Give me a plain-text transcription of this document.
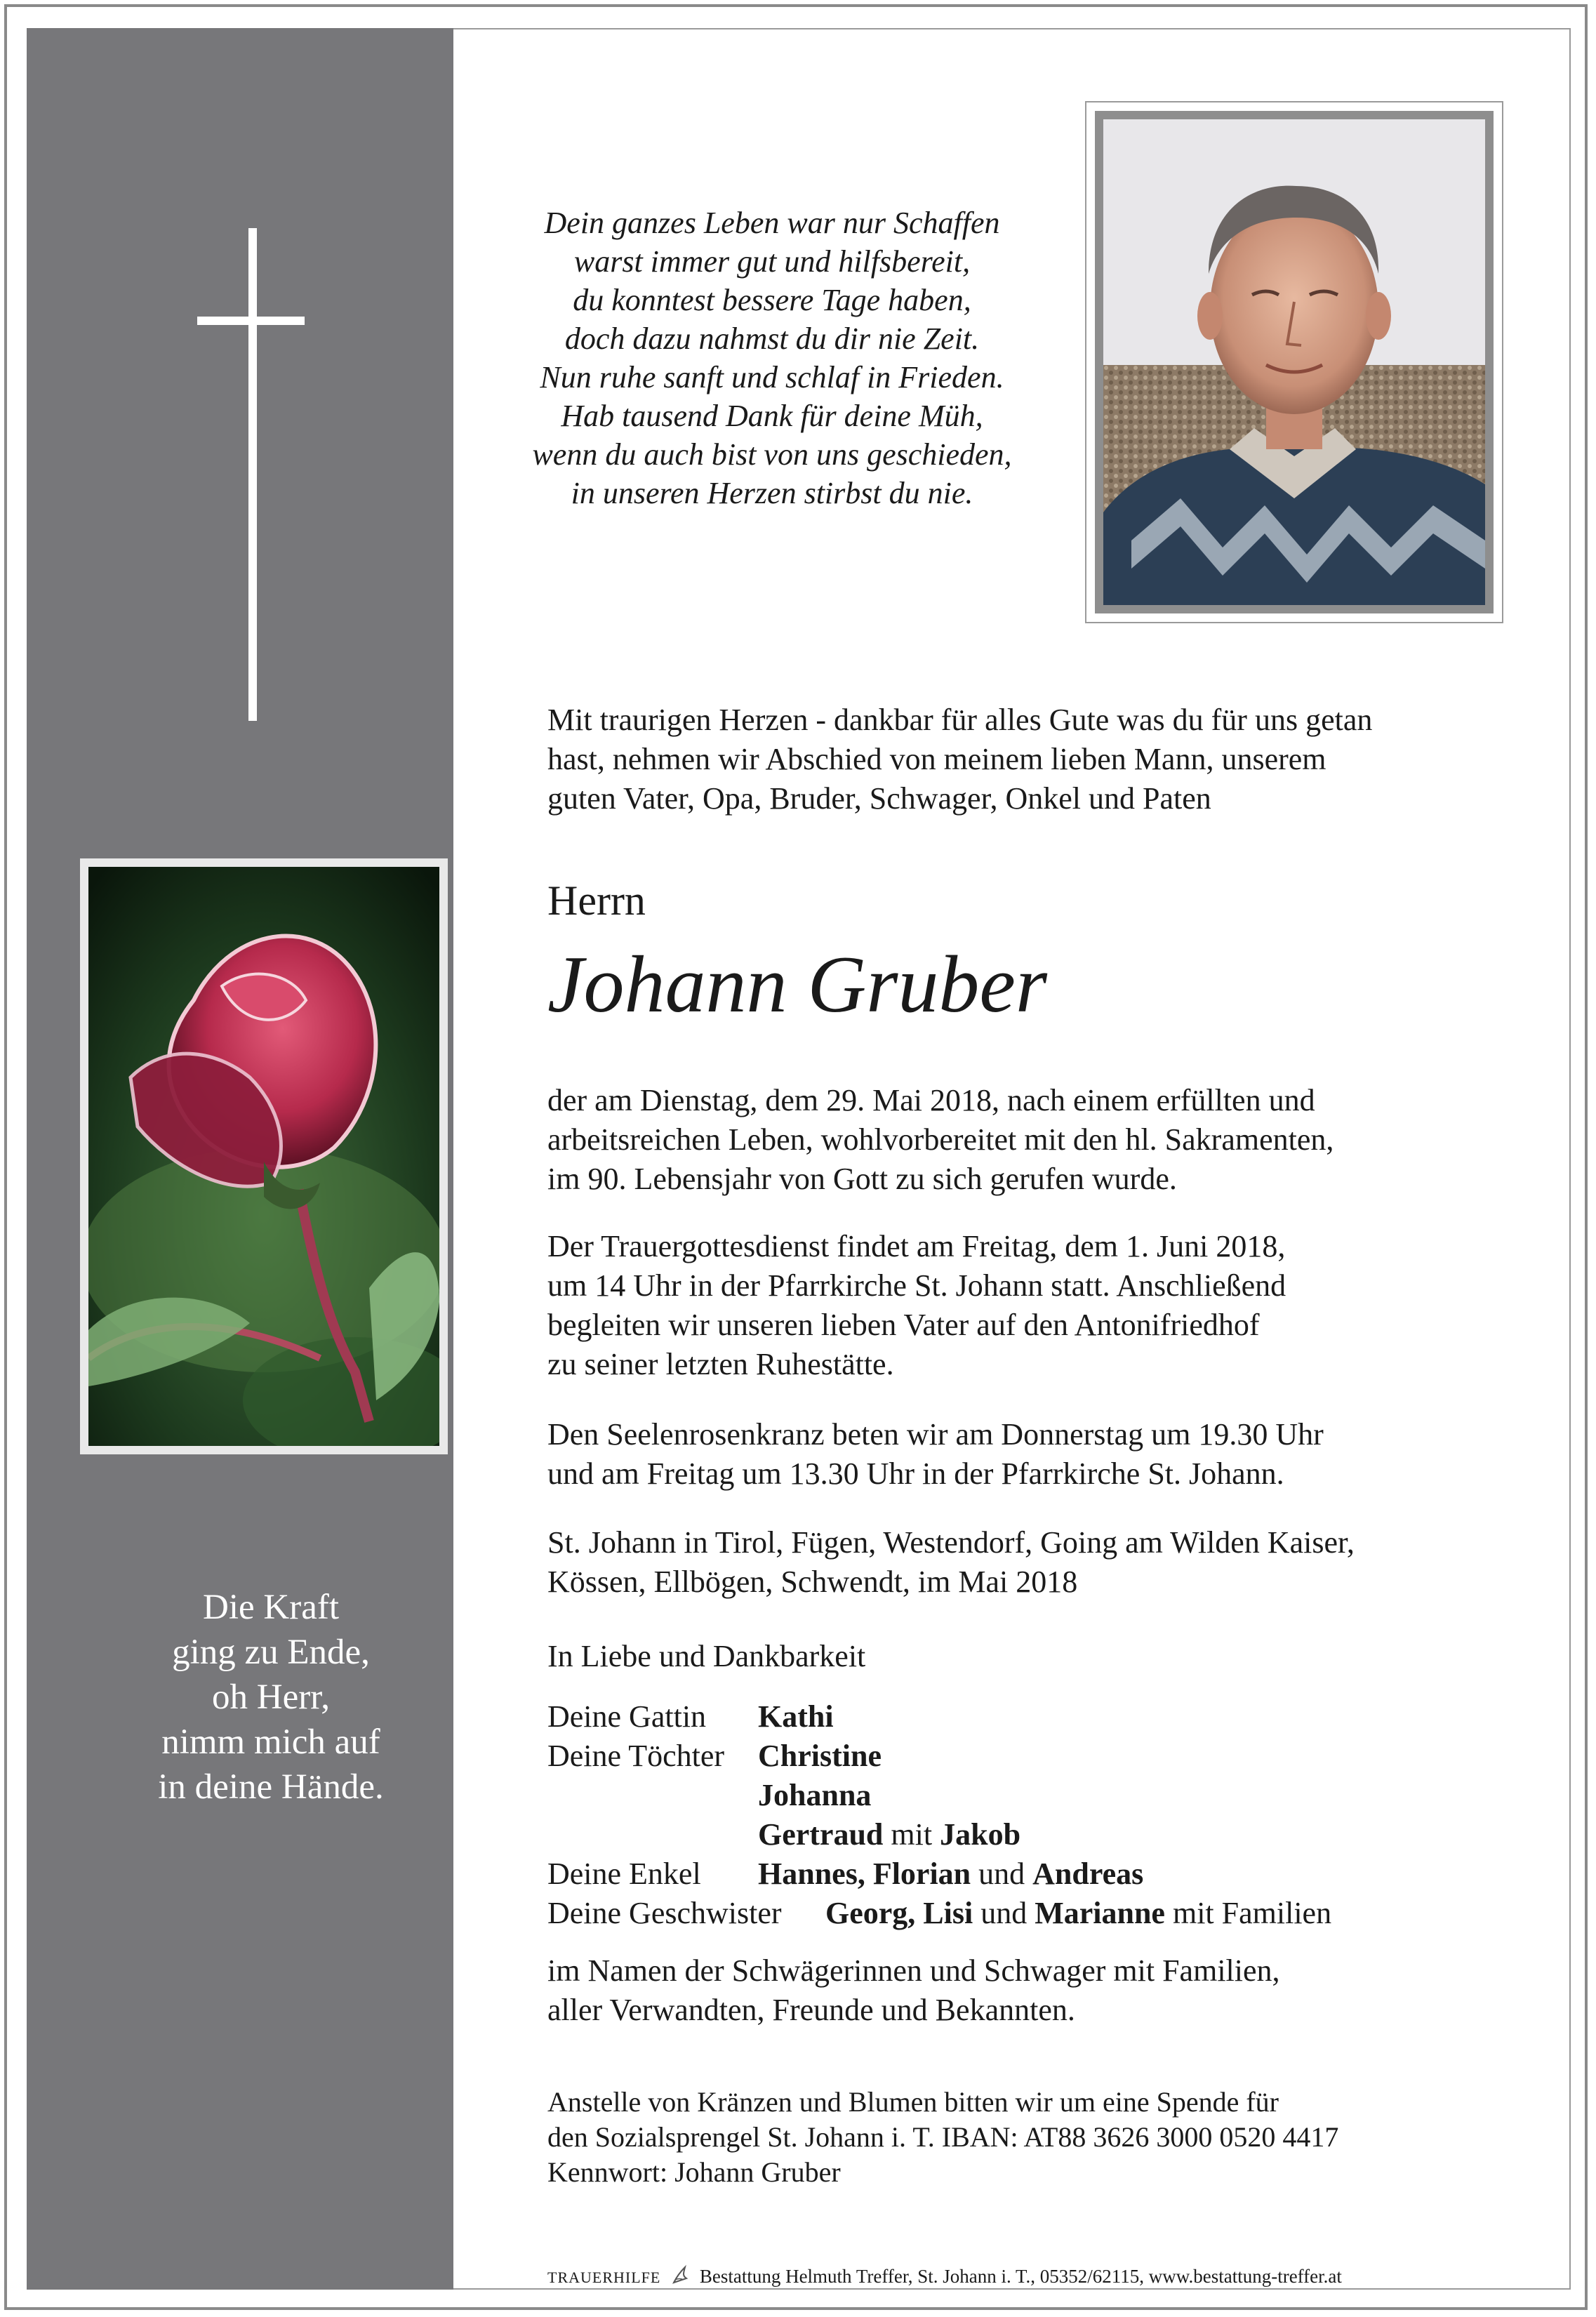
Die Kraft
ging zu Ende,
oh Herr,
nimm mich auf
in deine Hände.
Dein ganzes Leben war nur Schaffen
warst immer gut und hilfsbereit,
du konntest bessere Tage haben,
doch dazu nahmst du dir nie Zeit.
Nun ruhe sanft und schlaf in Frieden.
Hab tausend Dank für deine Müh,
wenn du auch bist von uns geschieden,
in unseren Herzen stirbst du nie.
Mit traurigen Herzen - dankbar für alles Gute was du für uns getan
hast, nehmen wir Abschied von meinem lieben Mann, unserem
guten Vater, Opa, Bruder, Schwager, Onkel und Paten
Herrn
Johann Gruber
der am Dienstag, dem 29. Mai 2018, nach einem erfüllten und
arbeitsreichen Leben, wohlvorbereitet mit den hl. Sakramenten,
im 90. Lebensjahr von Gott zu sich gerufen wurde.
Der Trauergottesdienst findet am Freitag, dem 1. Juni 2018,
um 14 Uhr in der Pfarrkirche St. Johann statt. Anschließend
begleiten wir unseren lieben Vater auf den Antonifriedhof
zu seiner letzten Ruhestätte.
Den Seelenrosenkranz beten wir am Donnerstag um 19.30 Uhr
und am Freitag um 13.30 Uhr in der Pfarrkirche St. Johann.
St. Johann in Tirol, Fügen, Westendorf, Going am Wilden Kaiser,
Kössen, Ellbögen, Schwendt, im Mai 2018
In Liebe und Dankbarkeit
Deine Gattin Kathi
Deine Töchter Christine
Johanna
Gertraud mit Jakob
Deine Enkel Hannes, Florian und Andreas
Deine Geschwister Georg, Lisi und Marianne mit Familien
im Namen der Schwägerinnen und Schwager mit Familien,
aller Verwandten, Freunde und Bekannten.
Anstelle von Kränzen und Blumen bitten wir um eine Spende für
den Sozialsprengel St. Johann i. T. IBAN: AT88 3626 3000 0520 4417
Kennwort: Johann Gruber
TRAUERHILFE Bestattung Helmuth Treffer, St. Johann i. T., 05352/62115, www.bestattung-treffer.at
